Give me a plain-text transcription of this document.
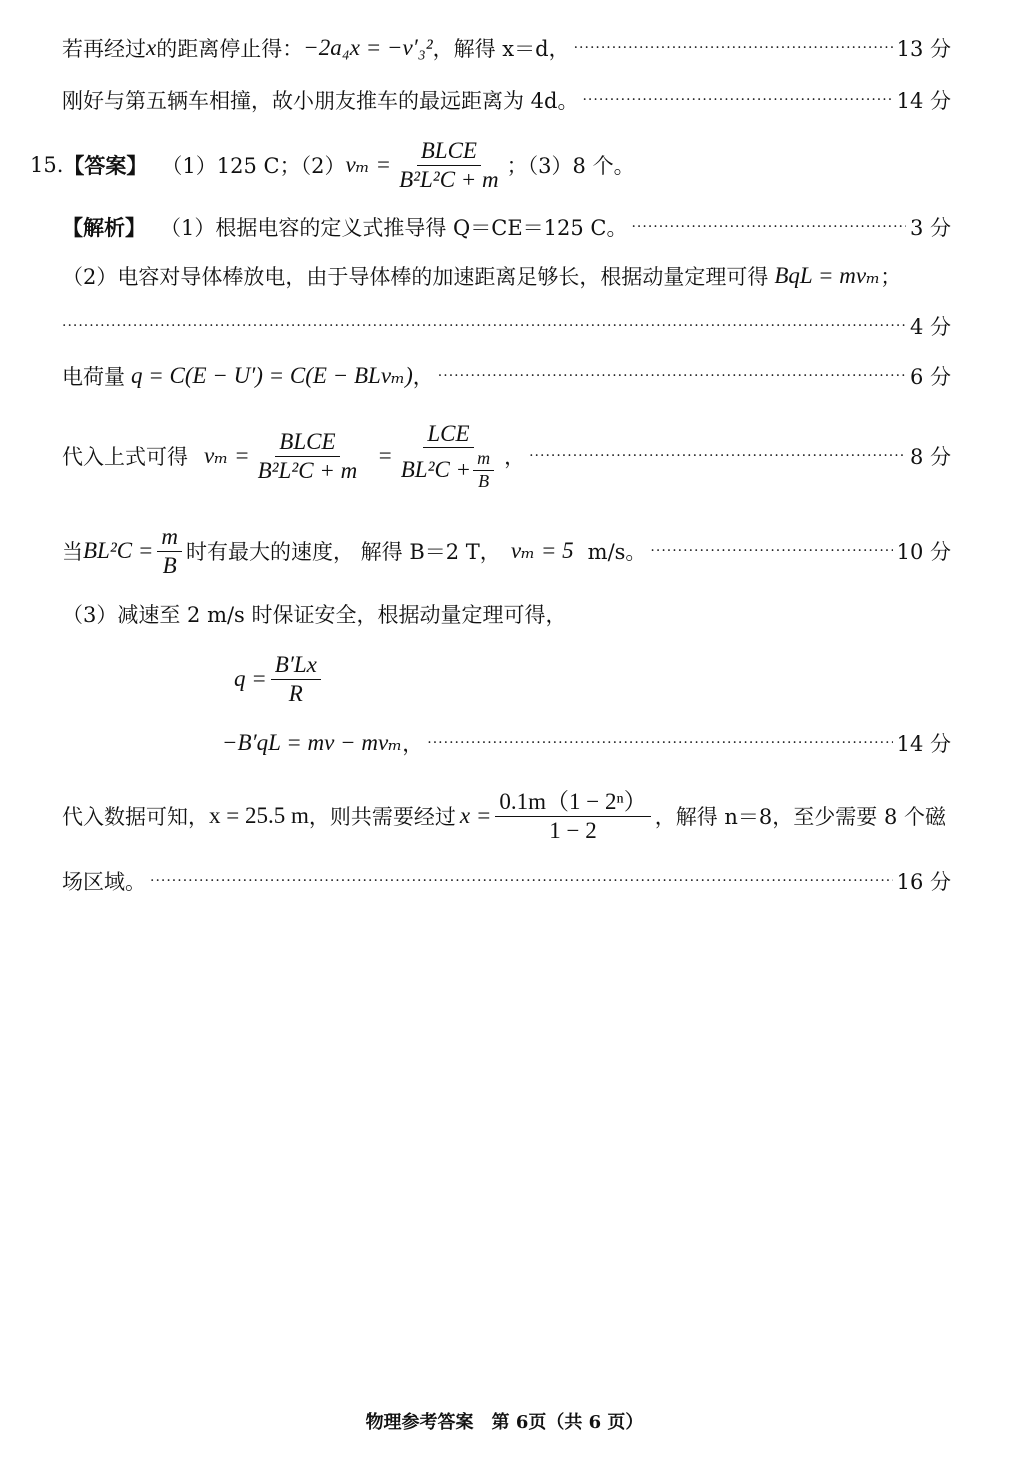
若再经过 x 的距离停止得： −2a₄x = −v′₃² ，解得 x＝d， ·····	13 分
刚好与第五辆车相撞，故小朋友推车的最远距离为 4d。 ·····	14 分
15. 【答案】 （1）125 C；（2） $v_m = \frac{\text{BLCE}}{\text{B²L²C + m}}$ ；（3）8 个。
【解析】 （1）根据电容的定义式推导得 Q＝CE＝125 C。 ·····	3 分
（2）电容对导体棒放电，由于导体棒的加速距离足够长，根据动量定理可得 BqL = mvₘ ；
·····
4 分
电荷量 q = C(E − U′) = C(E − BLvₘ) ， ·····	6 分
代入上式可得 $v_m = \frac{\text{BLCE}}{\text{B²L²C + m}} = \frac{\text{LCE}}{BL^2C + \frac{m}{B}}$ ， ·····	8 分
当 $BL^2C = \frac{m}{B}$ 时有最大的速度， 解得 B＝2 T， vₘ = 5 m/s。 ·····	10 分
（3）减速至 2 m/s 时保证安全，根据动量定理可得，
$q = \frac{B'Lx}{R}$
−B′qL = mv − mvₘ ， ·····	14 分
代入数据可知， x = 25.5 m ，则共需要经过 $x = \frac{\text{0.1m（1 − 2ⁿ）}}{1 - 2}$ ，解得 n＝8，至少需要 8 个磁
场区域。 ·····	16 分
物理参考答案　第 6页（共 6 页）
